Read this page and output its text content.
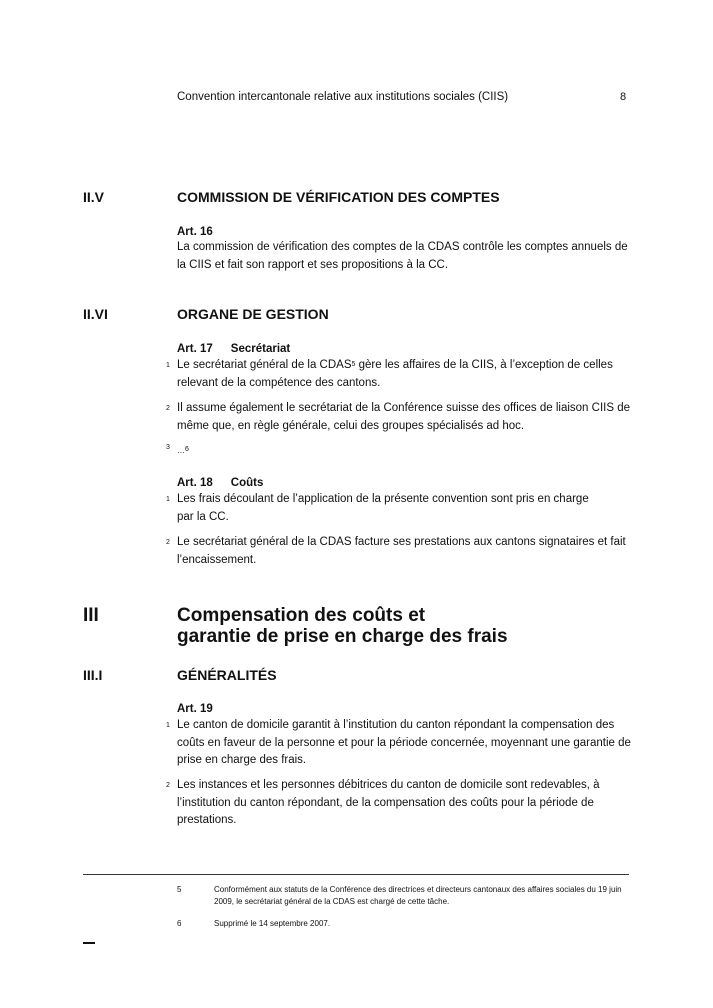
Convention intercantonale relative aux institutions sociales (CIIS)	8
II.V	COMMISSION DE VÉRIFICATION DES COMPTES
Art. 16
La commission de vérification des comptes de la CDAS contrôle les comptes annuels de la CIIS et fait son rapport et ses propositions à la CC.
II.VI	ORGANE DE GESTION
Art. 17 Secrétariat
1 Le secrétariat général de la CDAS$^5$ gère les affaires de la CIIS, à l’exception de celles relevant de la compétence des cantons.
2 Il assume également le secrétariat de la Conférence suisse des offices de liaison CIIS de même que, en règle générale, celui des groupes spécialisés ad hoc.
3 …$^6$
Art. 18 Coûts
1 Les frais découlant de l’application de la présente convention sont pris en charge
par la CC.
2 Le secrétariat général de la CDAS facture ses prestations aux cantons signataires et fait l’encaissement.
III	Compensation des coûts et
garantie de prise en charge des frais
III.I	GÉNÉRALITÉS
Art. 19
1 Le canton de domicile garantit à l’institution du canton répondant la compensation des coûts en faveur de la personne et pour la période concernée, moyennant une garantie de prise en charge des frais.
2 Les instances et les personnes débitrices du canton de domicile sont redevables, à l’institution du canton répondant, de la compensation des coûts pour la période de prestations.
5	Conformément aux statuts de la Conférence des directrices et directeurs cantonaux des affaires sociales du 19 juin 2009, le secrétariat général de la CDAS est chargé de cette tâche.
6	Supprimé le 14 septembre 2007.
